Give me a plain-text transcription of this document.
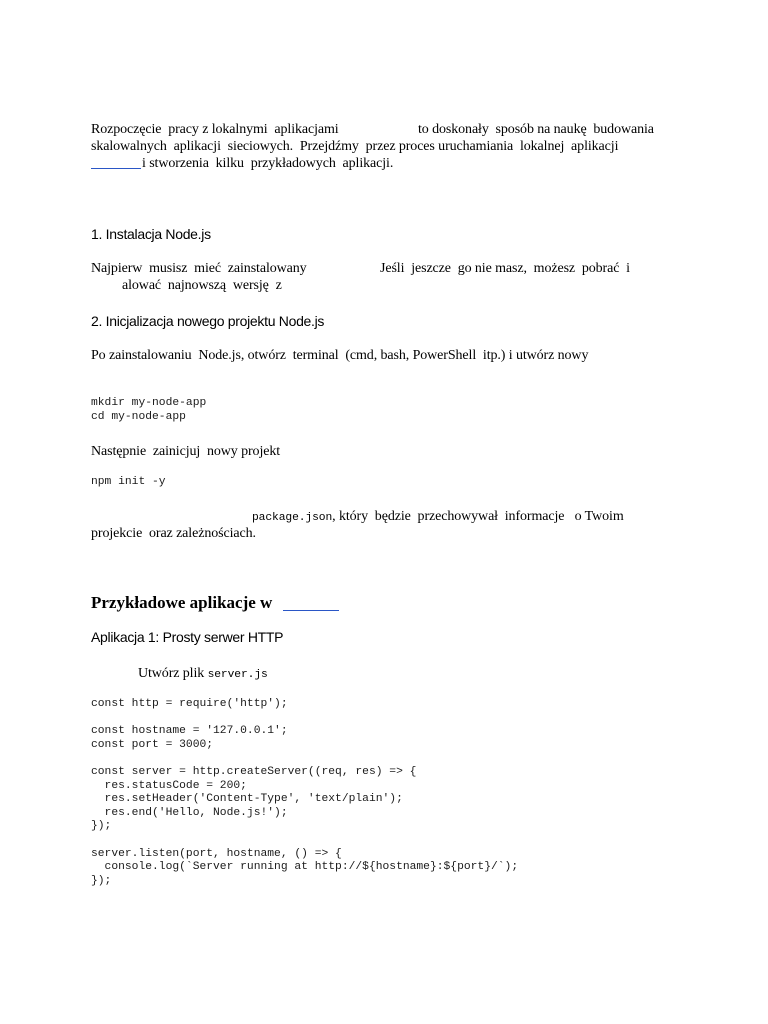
Rozpoczęcie  pracy z lokalnymi  aplikacjami	to doskonały  sposób na naukę  budowania
skalowalnych  aplikacji  sieciowych.  Przejdźmy  przez proces uruchamiania  lokalnej  aplikacji
i stworzenia  kilku  przykładowych  aplikacji.
1. Instalacja Node.js
Najpierw  musisz  mieć  zainstalowany	Jeśli  jeszcze  go nie masz,  możesz  pobrać  i
alować  najnowszą  wersję  z
2. Inicjalizacja nowego projektu Node.js
Po zainstalowaniu  Node.js, otwórz  terminal  (cmd, bash, PowerShell  itp.) i utwórz nowy
mkdir my-node-app
cd my-node-app
Następnie  zainicjuj  nowy projekt
npm init -y
package.json, który  będzie  przechowywał  informacje   o Twoim
projekcie  oraz zależnościach.
Przykładowe aplikacje w
Aplikacja 1: Prosty serwer HTTP
Utwórz plik server.js
const http = require('http');

const hostname = '127.0.0.1';
const port = 3000;

const server = http.createServer((req, res) => {
res.statusCode = 200;
res.setHeader('Content-Type', 'text/plain');
res.end('Hello, Node.js!');
});

server.listen(port, hostname, () => {
console.log(`Server running at http://${hostname}:${port}/`);
});
